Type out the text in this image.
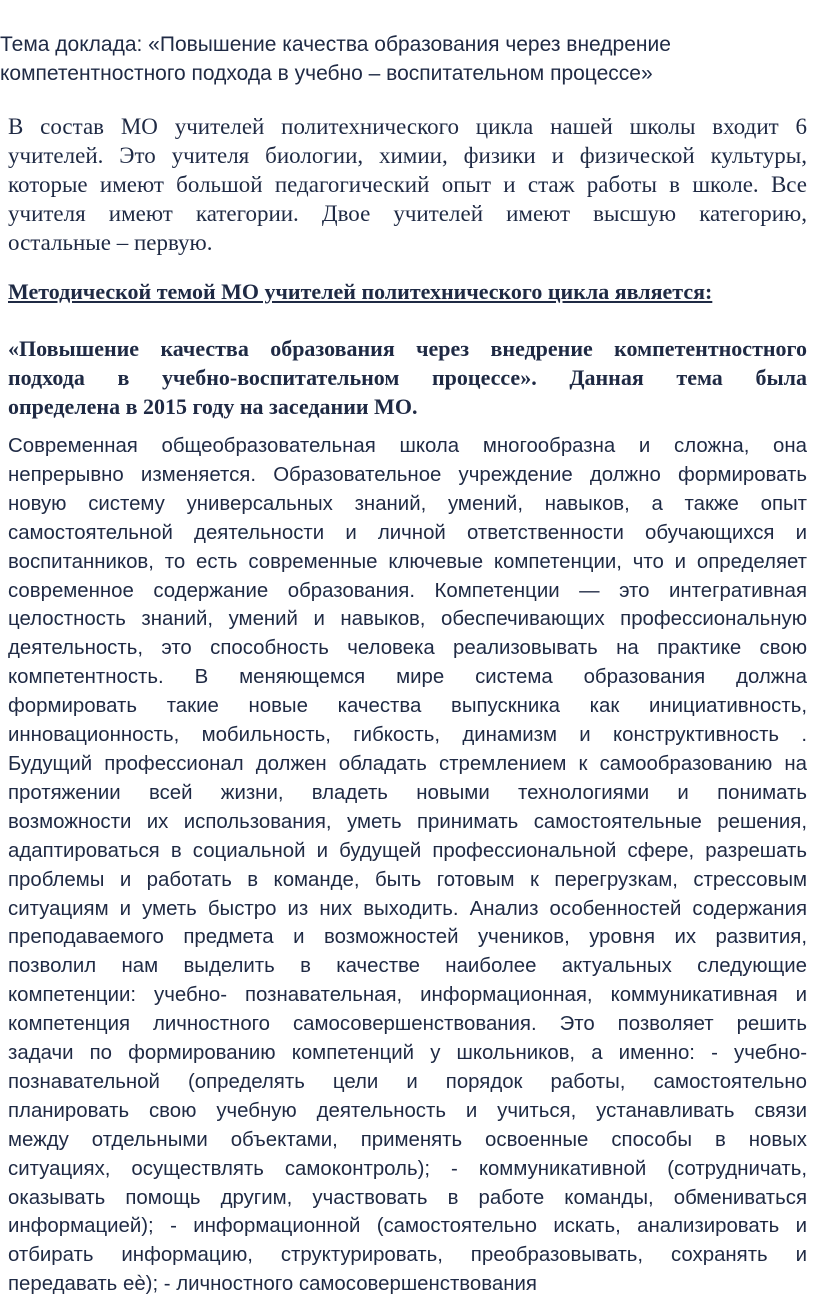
Тема доклада: «Повышение качества образования через внедрение
компетентностного подхода в учебно – воспитательном процессе»
В состав МО учителей политехнического цикла нашей школы входит 6
учителей. Это учителя биологии, химии, физики и физической культуры,
которые имеют большой педагогический опыт и стаж работы в школе. Все
учителя имеют категории. Двое учителей имеют высшую категорию,
остальные – первую.
Методической темой МО учителей политехнического цикла является:
«Повышение качества образования через внедрение компетентностного
подхода в учебно-воспитательном процессе». Данная тема была
определена в 2015 году на заседании МО.
Современная общеобразовательная школа многообразна и сложна, она
непрерывно изменяется. Образовательное учреждение должно формировать
новую систему универсальных знаний, умений, навыков, а также опыт
самостоятельной деятельности и личной ответственности обучающихся и
воспитанников, то есть современные ключевые компетенции, что и определяет
современное содержание образования. Компетенции — это интегративная
целостность знаний, умений и навыков, обеспечивающих профессиональную
деятельность, это способность человека реализовывать на практике свою
компетентность. В меняющемся мире система образования должна
формировать такие новые качества выпускника как инициативность,
инновационность, мобильность, гибкость, динамизм и конструктивность .
Будущий профессионал должен обладать стремлением к самообразованию на
протяжении всей жизни, владеть новыми технологиями и понимать
возможности их использования, уметь принимать самостоятельные решения,
адаптироваться в социальной и будущей профессиональной сфере, разрешать
проблемы и работать в команде, быть готовым к перегрузкам, стрессовым
ситуациям и уметь быстро из них выходить. Анализ особенностей содержания
преподаваемого предмета и возможностей учеников, уровня их развития,
позволил нам выделить в качестве наиболее актуальных следующие
компетенции: учебно- познавательная, информационная, коммуникативная и
компетенция личностного самосовершенствования. Это позволяет решить
задачи по формированию компетенций у школьников, а именно: - учебно-
познавательной (определять цели и порядок работы, самостоятельно
планировать свою учебную деятельность и учиться, устанавливать связи
между отдельными объектами, применять освоенные способы в новых
ситуациях, осуществлять самоконтроль); - коммуникативной (сотрудничать,
оказывать помощь другим, участвовать в работе команды, обмениваться
информацией); - информационной (самостоятельно искать, анализировать и
отбирать информацию, структурировать, преобразовывать, сохранять и
передавать еѐ); - личностного самосовершенствования
